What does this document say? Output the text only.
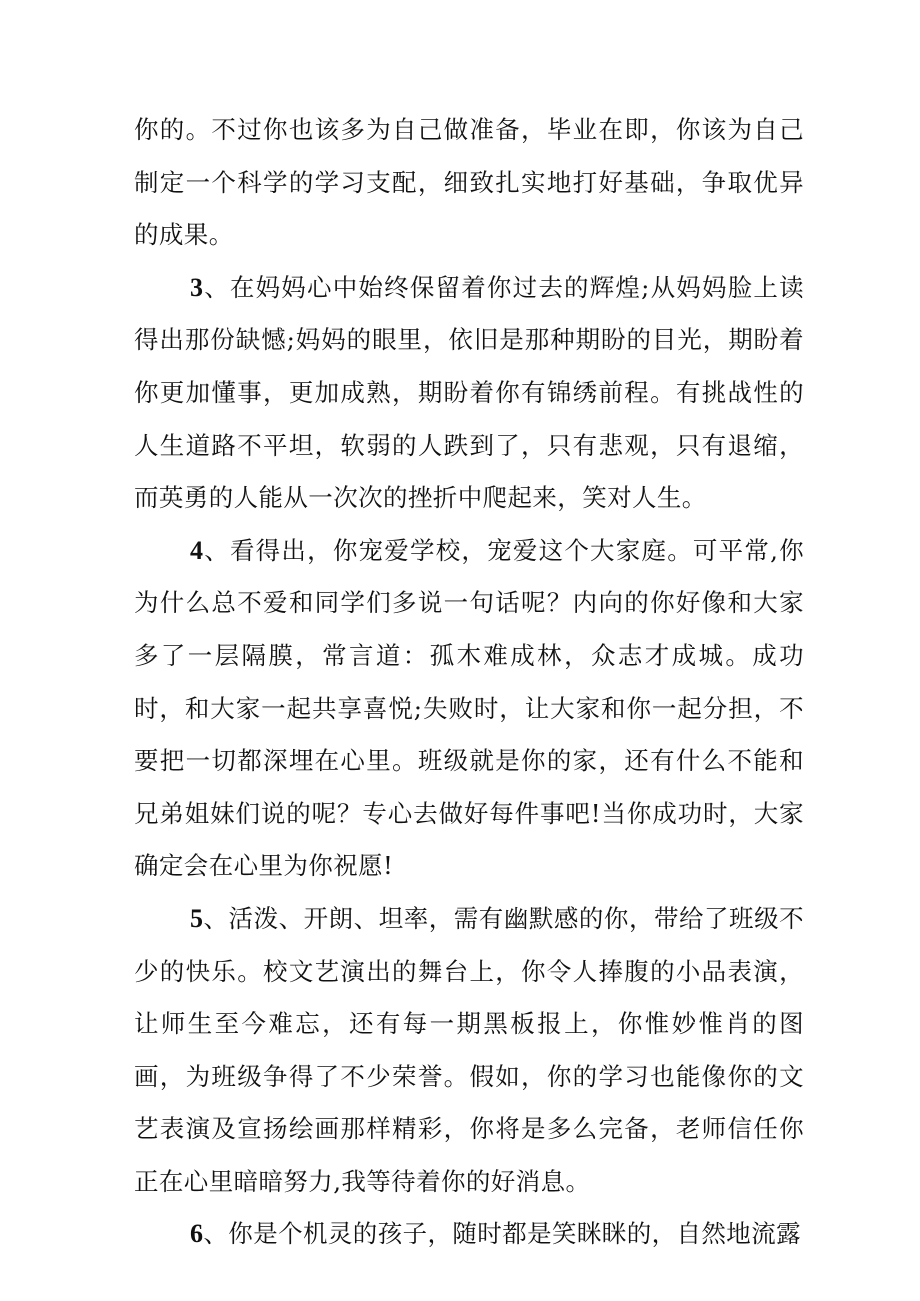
你的。不过你也该多为自己做准备，毕业在即，你该为自己制定一个科学的学习支配，细致扎实地打好基础，争取优异的成果。

3、在妈妈心中始终保留着你过去的辉煌;从妈妈脸上读得出那份缺憾;妈妈的眼里，依旧是那种期盼的目光，期盼着你更加懂事，更加成熟，期盼着你有锦绣前程。有挑战性的人生道路不平坦，软弱的人跌到了，只有悲观，只有退缩，而英勇的人能从一次次的挫折中爬起来，笑对人生。

4、看得出，你宠爱学校，宠爱这个大家庭。可平常,你为什么总不爱和同学们多说一句话呢？内向的你好像和大家多了一层隔膜，常言道：孤木难成林，众志才成城。成功时，和大家一起共享喜悦;失败时，让大家和你一起分担，不要把一切都深埋在心里。班级就是你的家，还有什么不能和兄弟姐妹们说的呢？专心去做好每件事吧!当你成功时，大家确定会在心里为你祝愿!

5、活泼、开朗、坦率，需有幽默感的你，带给了班级不少的快乐。校文艺演出的舞台上，你令人捧腹的小品表演，让师生至今难忘，还有每一期黑板报上，你惟妙惟肖的图画，为班级争得了不少荣誉。假如，你的学习也能像你的文艺表演及宣扬绘画那样精彩，你将是多么完备，老师信任你正在心里暗暗努力,我等待着你的好消息。

6、你是个机灵的孩子，随时都是笑眯眯的，自然地流露
